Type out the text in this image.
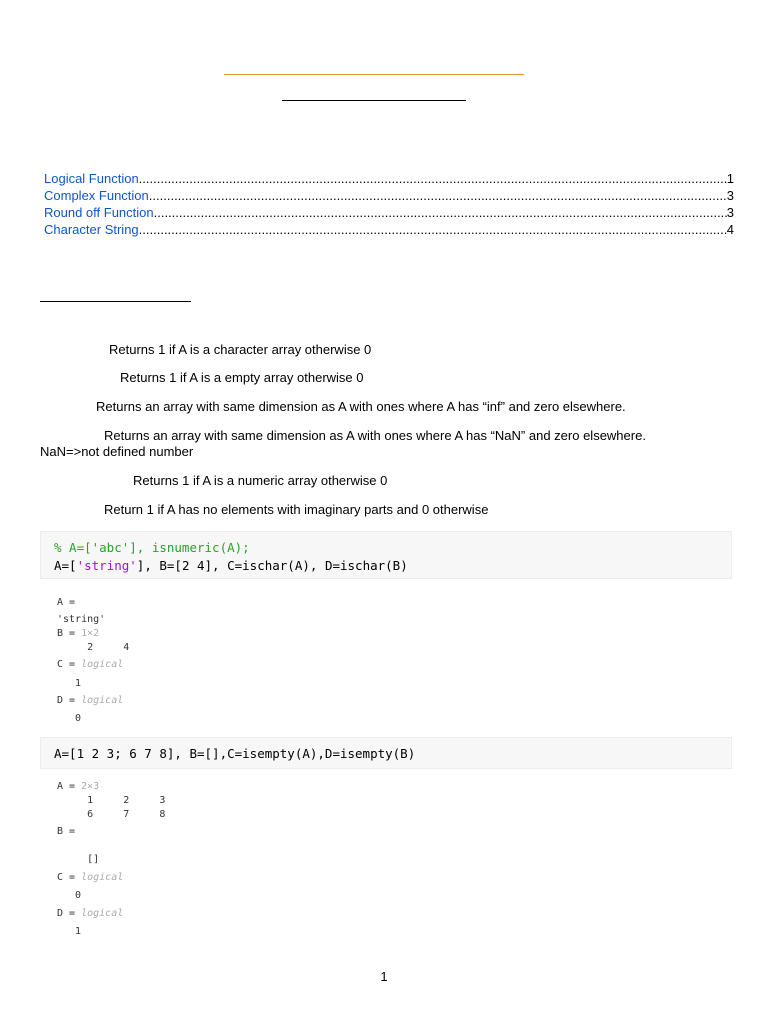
Logical Function .....	1
Complex Function .....	3
Round off Function .....	3
Character String .....	4
Returns 1 if A is a character array otherwise 0
Returns 1 if A is a empty array otherwise 0
Returns an array with same dimension as A with ones where A has “inf” and zero elsewhere.
Returns an array with same dimension as A with ones where A has “NaN” and zero elsewhere.
NaN=>not defined number
Returns 1 if A is a numeric array otherwise 0
Return 1 if A has no elements with imaginary parts and 0 otherwise
% A=['abc'], isnumeric(A);
A=['string'], B=[2 4], C=ischar(A), D=ischar(B)
A =
'string'
B = 1×2
2     4
C = logical
1
D = logical
0
A=[1 2 3; 6 7 8], B=[],C=isempty(A),D=isempty(B)
A = 2×3
1     2     3
6     7     8
B =
[]
C = logical
0
D = logical
1
1
